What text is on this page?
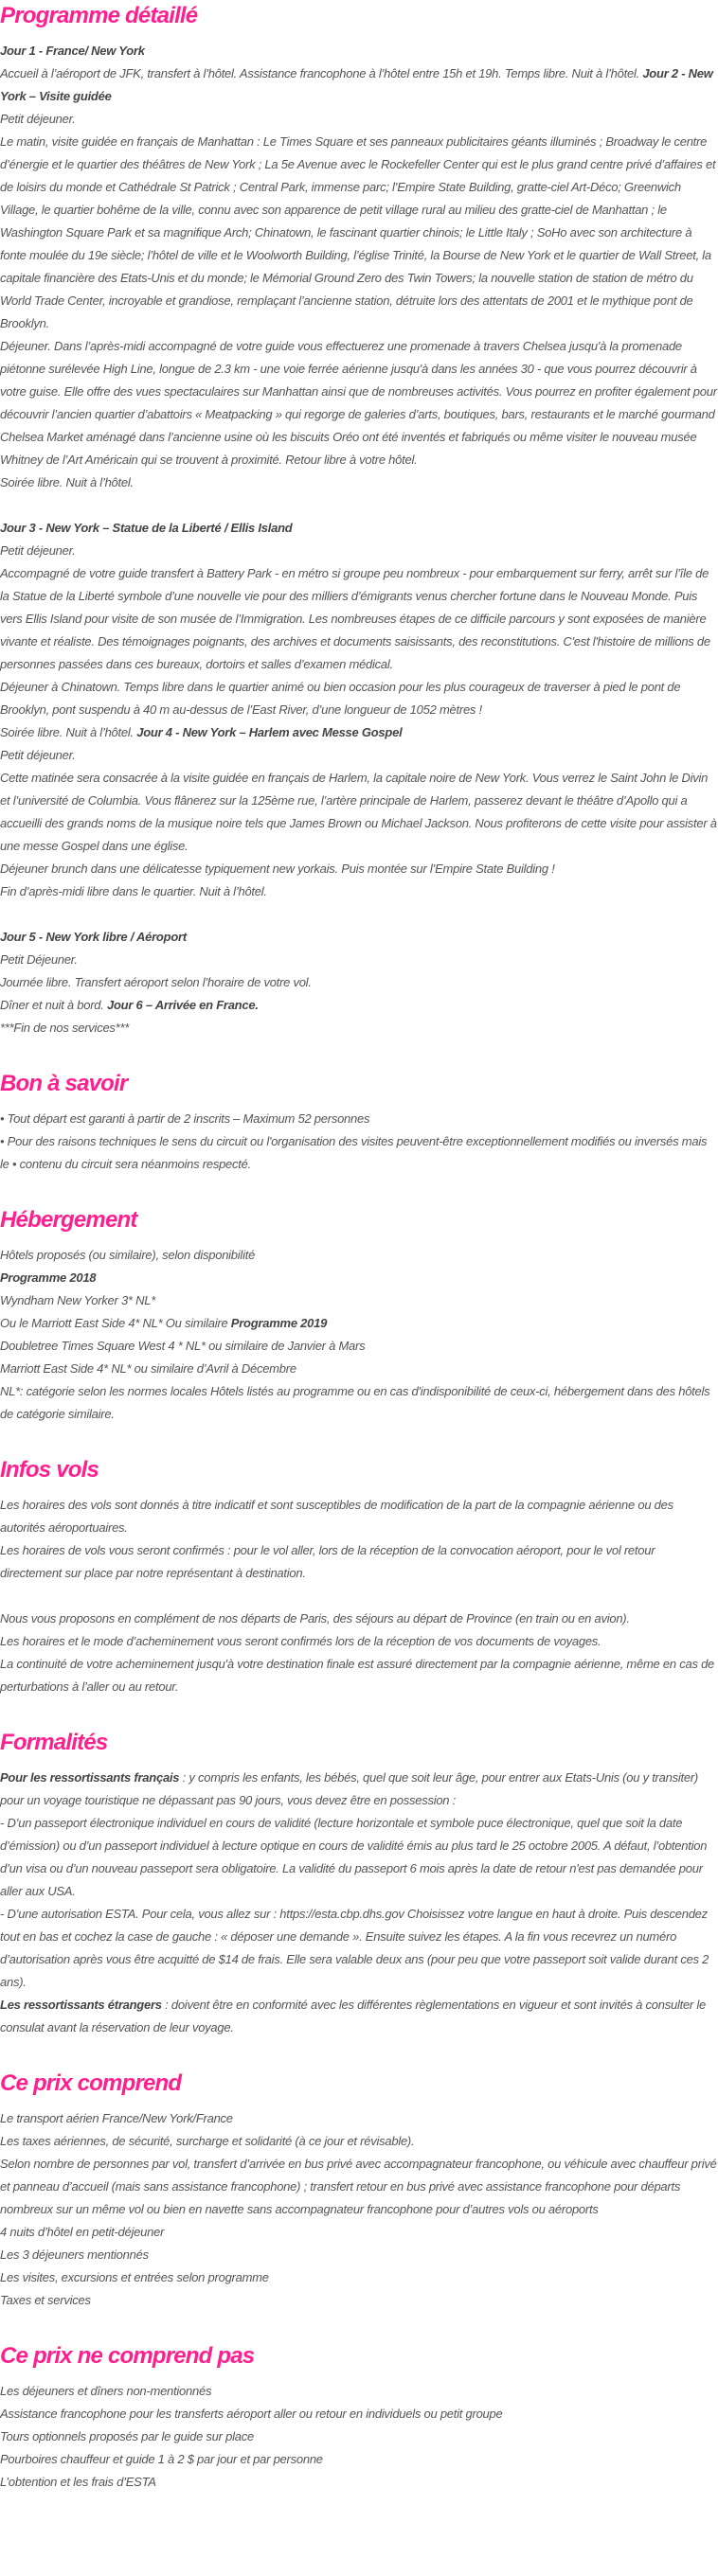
Programme détaillé
Jour 1 - France/ New York
Accueil à l’aéroport de JFK, transfert à l’hôtel. Assistance francophone à l’hôtel entre 15h et 19h. Temps libre. Nuit à l’hôtel. Jour 2 - New York – Visite guidée
Petit déjeuner.
Le matin, visite guidée en français de Manhattan : Le Times Square et ses panneaux publicitaires géants illuminés ; Broadway le centre d’énergie et le quartier des théâtres de New York ; La 5e Avenue avec le Rockefeller Center qui est le plus grand centre privé d’affaires et de loisirs du monde et Cathédrale St Patrick ; Central Park, immense parc; l’Empire State Building, gratte-ciel Art-Déco; Greenwich Village, le quartier bohême de la ville, connu avec son apparence de petit village rural au milieu des gratte-ciel de Manhattan ; le Washington Square Park et sa magnifique Arch; Chinatown, le fascinant quartier chinois; le Little Italy ; SoHo avec son architecture à fonte moulée du 19e siècle; l’hôtel de ville et le Woolworth Building, l’église Trinité, la Bourse de New York et le quartier de Wall Street, la capitale financière des Etats-Unis et du monde; le Mémorial Ground Zero des Twin Towers; la nouvelle station de station de métro du World Trade Center, incroyable et grandiose, remplaçant l’ancienne station, détruite lors des attentats de 2001 et le mythique pont de Brooklyn.
Déjeuner. Dans l’après-midi accompagné de votre guide vous effectuerez une promenade à travers Chelsea jusqu'à la promenade piétonne surélevée High Line, longue de 2.3 km - une voie ferrée aérienne jusqu'à dans les années 30 - que vous pourrez découvrir à votre guise. Elle offre des vues spectaculaires sur Manhattan ainsi que de nombreuses activités. Vous pourrez en profiter également pour découvrir l’ancien quartier d’abattoirs « Meatpacking » qui regorge de galeries d’arts, boutiques, bars, restaurants et le marché gourmand Chelsea Market aménagé dans l’ancienne usine où les biscuits Oréo ont été inventés et fabriqués ou même visiter le nouveau musée Whitney de l’Art Américain qui se trouvent à proximité. Retour libre à votre hôtel.
Soirée libre. Nuit à l’hôtel.
Jour 3 - New York – Statue de la Liberté / Ellis Island
Petit déjeuner.
Accompagné de votre guide transfert à Battery Park - en métro si groupe peu nombreux - pour embarquement sur ferry, arrêt sur l’île de la Statue de la Liberté symbole d’une nouvelle vie pour des milliers d’émigrants venus chercher fortune dans le Nouveau Monde. Puis vers Ellis Island pour visite de son musée de l’Immigration. Les nombreuses étapes de ce difficile parcours y sont exposées de manière vivante et réaliste. Des témoignages poignants, des archives et documents saisissants, des reconstitutions. C'est l'histoire de millions de personnes passées dans ces bureaux, dortoirs et salles d’examen médical.
Déjeuner à Chinatown. Temps libre dans le quartier animé ou bien occasion pour les plus courageux de traverser à pied le pont de Brooklyn, pont suspendu à 40 m au-dessus de l’East River, d’une longueur de 1052 mètres !
Soirée libre. Nuit à l’hôtel. Jour 4 - New York – Harlem avec Messe Gospel
Petit déjeuner.
Cette matinée sera consacrée à la visite guidée en français de Harlem, la capitale noire de New York. Vous verrez le Saint John le Divin et l’université de Columbia. Vous flânerez sur la 125ème rue, l’artère principale de Harlem, passerez devant le théâtre d’Apollo qui a accueilli des grands noms de la musique noire tels que James Brown ou Michael Jackson. Nous profiterons de cette visite pour assister à une messe Gospel dans une église.
Déjeuner brunch dans une délicatesse typiquement new yorkais. Puis montée sur l’Empire State Building !
Fin d’après-midi libre dans le quartier. Nuit à l’hôtel.
Jour 5 - New York libre / Aéroport
Petit Déjeuner.
Journée libre. Transfert aéroport selon l’horaire de votre vol.
Dîner et nuit à bord. Jour 6 – Arrivée en France.
***Fin de nos services***
Bon à savoir
• Tout départ est garanti à partir de 2 inscrits – Maximum 52 personnes
• Pour des raisons techniques le sens du circuit ou l'organisation des visites peuvent-être exceptionnellement modifiés ou inversés mais le • contenu du circuit sera néanmoins respecté.
Hébergement
Hôtels proposés (ou similaire), selon disponibilité
Programme 2018
Wyndham New Yorker 3* NL*
Ou le Marriott East Side 4* NL* Ou similaire Programme 2019
Doubletree Times Square West 4 * NL* ou similaire de Janvier à Mars
Marriott East Side 4* NL* ou similaire d’Avril à Décembre
NL*: catégorie selon les normes locales Hôtels listés au programme ou en cas d'indisponibilité de ceux-ci, hébergement dans des hôtels de catégorie similaire.
Infos vols
Les horaires des vols sont donnés à titre indicatif et sont susceptibles de modification de la part de la compagnie aérienne ou des autorités aéroportuaires.
Les horaires de vols vous seront confirmés : pour le vol aller, lors de la réception de la convocation aéroport, pour le vol retour directement sur place par notre représentant à destination.
Nous vous proposons en complément de nos départs de Paris, des séjours au départ de Province (en train ou en avion).
Les horaires et le mode d’acheminement vous seront confirmés lors de la réception de vos documents de voyages.
La continuité de votre acheminement jusqu'à votre destination finale est assuré directement par la compagnie aérienne, même en cas de perturbations à l’aller ou au retour.
Formalités
Pour les ressortissants français : y compris les enfants, les bébés, quel que soit leur âge, pour entrer aux Etats-Unis (ou y transiter) pour un voyage touristique ne dépassant pas 90 jours, vous devez être en possession :
- D’un passeport électronique individuel en cours de validité (lecture horizontale et symbole puce électronique, quel que soit la date d’émission) ou d’un passeport individuel à lecture optique en cours de validité émis au plus tard le 25 octobre 2005. A défaut, l’obtention d’un visa ou d’un nouveau passeport sera obligatoire. La validité du passeport 6 mois après la date de retour n'est pas demandée pour aller aux USA.
- D’une autorisation ESTA. Pour cela, vous allez sur : https://esta.cbp.dhs.gov Choisissez votre langue en haut à droite. Puis descendez tout en bas et cochez la case de gauche : « déposer une demande ». Ensuite suivez les étapes. A la fin vous recevrez un numéro d’autorisation après vous être acquitté de $14 de frais. Elle sera valable deux ans (pour peu que votre passeport soit valide durant ces 2 ans).
Les ressortissants étrangers : doivent être en conformité avec les différentes règlementations en vigueur et sont invités à consulter le consulat avant la réservation de leur voyage.
Ce prix comprend
Le transport aérien France/New York/France
Les taxes aériennes, de sécurité, surcharge et solidarité (à ce jour et révisable).
Selon nombre de personnes par vol, transfert d’arrivée en bus privé avec accompagnateur francophone, ou véhicule avec chauffeur privé et panneau d’accueil (mais sans assistance francophone) ; transfert retour en bus privé avec assistance francophone pour départs nombreux sur un même vol ou bien en navette sans accompagnateur francophone pour d’autres vols ou aéroports
4 nuits d’hôtel en petit-déjeuner
Les 3 déjeuners mentionnés
Les visites, excursions et entrées selon programme
Taxes et services
Ce prix ne comprend pas
Les déjeuners et dîners non-mentionnés
Assistance francophone pour les transferts aéroport aller ou retour en individuels ou petit groupe
Tours optionnels proposés par le guide sur place
Pourboires chauffeur et guide 1 à 2 $ par jour et par personne
L’obtention et les frais d’ESTA
